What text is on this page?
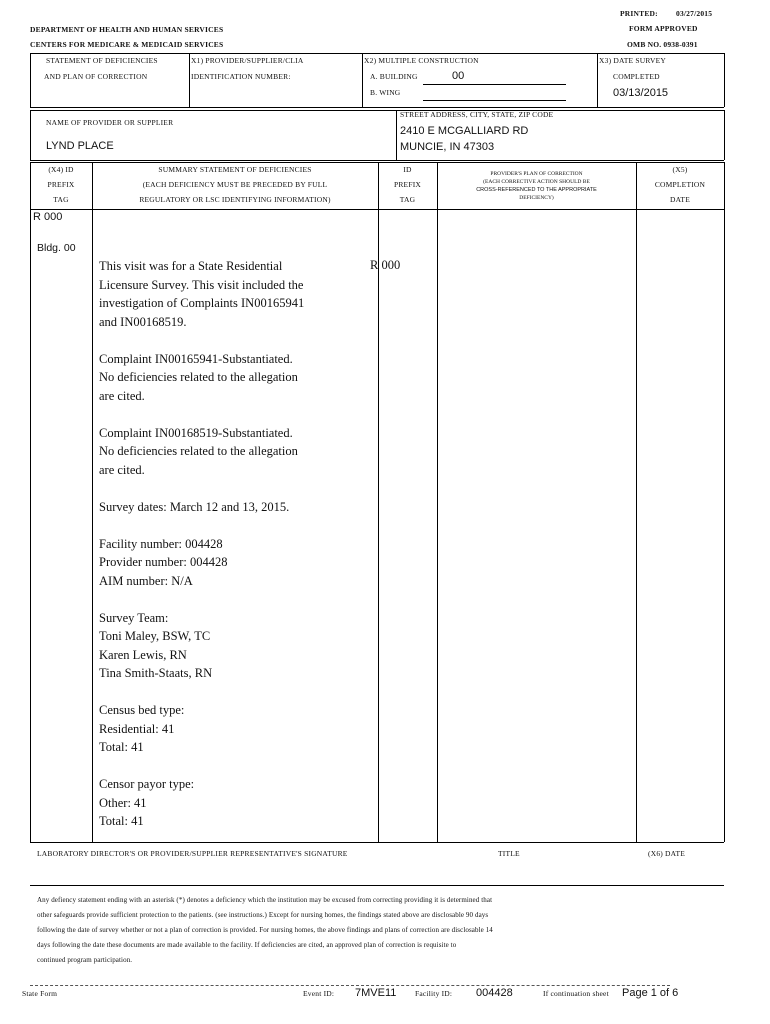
PRINTED: 03/27/2015
FORM APPROVED
OMB NO. 0938-0391
DEPARTMENT OF HEALTH AND HUMAN SERVICES
CENTERS FOR MEDICARE & MEDICAID SERVICES
STATEMENT OF DEFICIENCIES
AND PLAN OF CORRECTION
X1) PROVIDER/SUPPLIER/CLIA
IDENTIFICATION NUMBER:
X2) MULTIPLE CONSTRUCTION
A. BUILDING	00
B. WING
X3) DATE SURVEY
COMPLETED
03/13/2015
NAME OF PROVIDER OR SUPPLIER
LYND PLACE
STREET ADDRESS, CITY, STATE, ZIP CODE
2410 E MCGALLIARD RD
MUNCIE, IN 47303
(X4) ID
PREFIX
TAG
SUMMARY STATEMENT OF DEFICIENCIES
(EACH DEFICIENCY MUST BE PRECEDED BY FULL
REGULATORY OR LSC IDENTIFYING INFORMATION)
ID
PREFIX
TAG
PROVIDER'S PLAN OF CORRECTION
(EACH CORRECTIVE ACTION SHOULD BE
CROSS-REFERENCED TO THE APPROPRIATE
DEFICIENCY)
(X5)
COMPLETION
DATE
R 000
Bldg. 00
R 000
This visit was for a State Residential
Licensure Survey. This visit included the
investigation of Complaints IN00165941
and IN00168519.
Complaint IN00165941-Substantiated.
No deficiencies related to the allegation
are cited.
Complaint IN00168519-Substantiated.
No deficiencies related to the allegation
are cited.
Survey dates: March 12 and 13, 2015.
Facility number: 004428
Provider number: 004428
AIM number: N/A
Survey Team:
Toni Maley, BSW, TC
Karen Lewis, RN
Tina Smith-Staats, RN
Census bed type:
Residential: 41
Total: 41
Censor payor type:
Other: 41
Total: 41
LABORATORY DIRECTOR'S OR PROVIDER/SUPPLIER REPRESENTATIVE'S SIGNATURE	TITLE	(X6) DATE
Any defiency statement ending with an asterisk (*) denotes a deficiency which the institution may be excused from correcting providing it is determined that
other safeguards provide sufficient protection to the patients. (see instructions.) Except for nursing homes, the findings stated above are disclosable 90 days
following the date of survey whether or not a plan of correction is provided. For nursing homes, the above findings and plans of correction are disclosable 14
days following the date these documents are made available to the facility. If deficiencies are cited, an approved plan of correction is requisite to
continued program participation.
State Form	Event ID: 7MVE11 Facility ID: 004428	If continuation sheet Page 1 of 6
